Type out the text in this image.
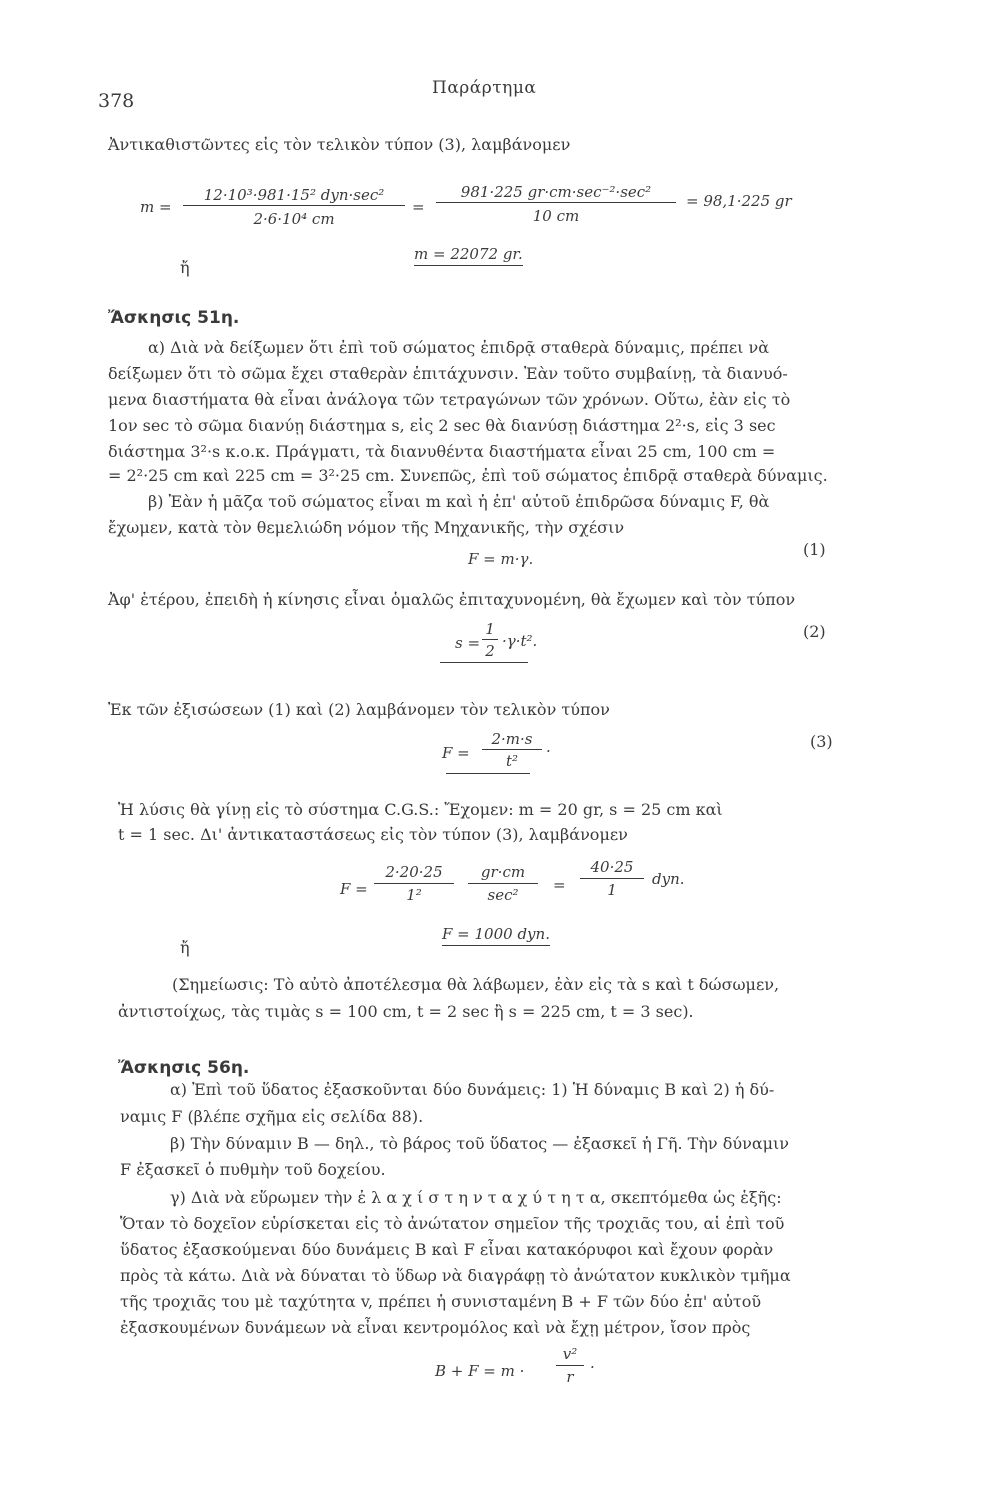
378
Παράρτημα
Ἀντικαθιστῶντες εἰς τὸν τελικὸν τύπον (3), λαμβάνομεν
m =
12·10³·981·15² dyn·sec²
2·6·10⁴ cm
=
981·225 gr·cm·sec⁻²·sec²
10 cm
= 98,1·225 gr
ἤ
m = 22072 gr.
Ἄσκησις 51η.
α) Διὰ νὰ δείξωμεν ὅτι ἐπὶ τοῦ σώματος ἐπιδρᾷ σταθερὰ δύναμις, πρέπει νὰ
δείξωμεν ὅτι τὸ σῶμα ἔχει σταθερὰν ἐπιτάχυνσιν. Ἐὰν τοῦτο συμβαίνῃ, τὰ διανυό-
μενα διαστήματα θὰ εἶναι ἀνάλογα τῶν τετραγώνων τῶν χρόνων. Οὕτω, ἐὰν εἰς τὸ
1ον sec τὸ σῶμα διανύῃ διάστημα s, εἰς 2 sec θὰ διανύσῃ διάστημα 2²·s, εἰς 3 sec
διάστημα 3²·s κ.ο.κ. Πράγματι, τὰ διανυθέντα διαστήματα εἶναι 25 cm, 100 cm =
= 2²·25 cm καὶ 225 cm = 3²·25 cm. Συνεπῶς, ἐπὶ τοῦ σώματος ἐπιδρᾷ σταθερὰ δύναμις.
β) Ἐὰν ἡ μᾶζα τοῦ σώματος εἶναι m καὶ ἡ ἐπ' αὐτοῦ ἐπιδρῶσα δύναμις F, θὰ
ἔχωμεν, κατὰ τὸν θεμελιώδη νόμον τῆς Μηχανικῆς, τὴν σχέσιν
F = m·γ.	(1)
Ἀφ' ἑτέρου, ἐπειδὴ ἡ κίνησις εἶναι ὁμαλῶς ἐπιταχυνομένη, θὰ ἔχωμεν καὶ τὸν τύπον
s =
1
2
·γ·t².	(2)
Ἐκ τῶν ἐξισώσεων (1) καὶ (2) λαμβάνομεν τὸν τελικὸν τύπον
F =
2·m·s
t²
·	(3)
Ἡ λύσις θὰ γίνῃ εἰς τὸ σύστημα C.G.S.: Ἔχομεν: m = 20 gr, s = 25 cm καὶ
t = 1 sec. Δι' ἀντικαταστάσεως εἰς τὸν τύπον (3), λαμβάνομεν
F =
2·20·25
1²
gr·cm
sec²
=
40·25
1
dyn.
ἤ
F = 1000 dyn.
(Σημείωσις: Τὸ αὐτὸ ἀποτέλεσμα θὰ λάβωμεν, ἐὰν εἰς τὰ s καὶ t δώσωμεν,
ἀντιστοίχως, τὰς τιμὰς s = 100 cm, t = 2 sec ἢ s = 225 cm, t = 3 sec).
Ἄσκησις 56η.
α) Ἐπὶ τοῦ ὕδατος ἐξασκοῦνται δύο δυνάμεις: 1) Ἡ δύναμις B καὶ 2) ἡ δύ-
ναμις F (βλέπε σχῆμα εἰς σελίδα 88).
β) Τὴν δύναμιν B — δηλ., τὸ βάρος τοῦ ὕδατος — ἐξασκεῖ ἡ Γῆ. Τὴν δύναμιν
F ἐξασκεῖ ὁ πυθμὴν τοῦ δοχείου.
γ) Διὰ νὰ εὕρωμεν τὴν ἐ λ α χ ί σ τ η ν τ α χ ύ τ η τ α, σκεπτόμεθα ὡς ἑξῆς:
Ὅταν τὸ δοχεῖον εὑρίσκεται εἰς τὸ ἀνώτατον σημεῖον τῆς τροχιᾶς του, αἱ ἐπὶ τοῦ
ὕδατος ἐξασκούμεναι δύο δυνάμεις B καὶ F εἶναι κατακόρυφοι καὶ ἔχουν φορὰν
πρὸς τὰ κάτω. Διὰ νὰ δύναται τὸ ὕδωρ νὰ διαγράφῃ τὸ ἀνώτατον κυκλικὸν τμῆμα
τῆς τροχιᾶς του μὲ ταχύτητα v, πρέπει ἡ συνισταμένη B + F τῶν δύο ἐπ' αὐτοῦ
ἐξασκουμένων δυνάμεων νὰ εἶναι κεντρομόλος καὶ νὰ ἔχῃ μέτρον, ἴσον πρὸς
B + F = m ·
v²
r
·
